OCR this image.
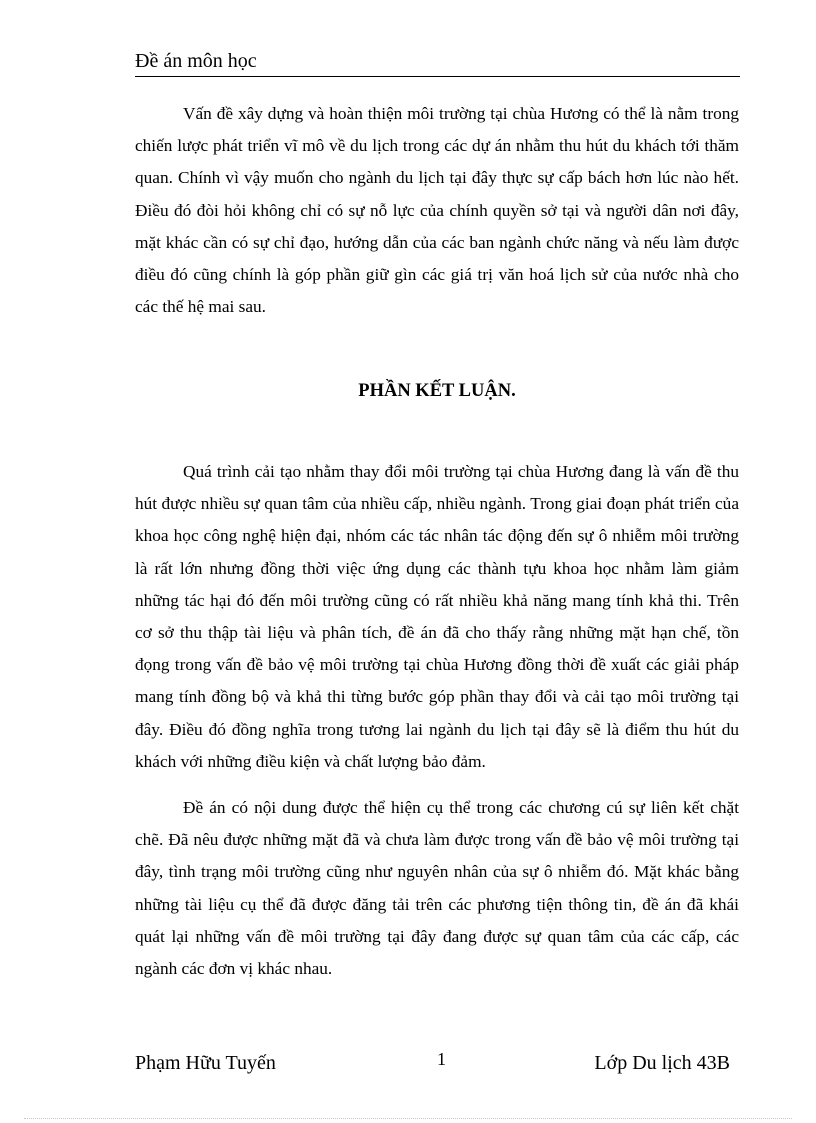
Đề án môn học

Vấn đề xây dựng và hoàn thiện môi trường tại chùa Hương có thể là nằm trong chiến lược phát triển vĩ mô về du lịch trong các dự án nhằm thu hút du khách tới thăm quan. Chính vì vậy muốn cho ngành du lịch tại đây thực sự cấp bách hơn lúc nào hết. Điều đó đòi hỏi không chỉ có sự nỗ lực của chính quyền sở tại và người dân nơi đây, mặt khác cần có sự chỉ đạo, hướng dẫn của các ban ngành chức năng và nếu làm được điều đó cũng chính là góp phần giữ gìn các giá trị văn hoá lịch sử của nước nhà cho các thế hệ mai sau.

PHẦN KẾT LUẬN.

Quá trình cải tạo nhằm thay đổi môi trường tại chùa Hương đang là vấn đề thu hút được nhiều sự quan tâm của nhiều cấp, nhiều ngành. Trong giai đoạn phát triển của khoa học công nghệ hiện đại, nhóm các tác nhân tác động đến sự ô nhiễm môi trường là rất lớn nhưng đồng thời việc ứng dụng các thành tựu khoa học nhằm làm giảm những tác hại đó đến môi trường cũng có rất nhiều khả năng mang tính khả thi. Trên cơ sở thu thập tài liệu và phân tích, đề án đã cho thấy rằng những mặt hạn chế, tồn đọng trong vấn đề bảo vệ môi trường tại chùa Hương đồng thời đề xuất các giải pháp mang tính đồng bộ và khả thi từng bước góp phần thay đổi và cải tạo môi trường tại đây. Điều đó đồng nghĩa trong tương lai ngành du lịch tại đây sẽ là điểm thu hút du khách với những điều kiện và chất lượng bảo đảm.

Đề án có nội dung được thể hiện cụ thể trong các chương cú sự liên kết chặt chẽ. Đã nêu được những mặt đã và chưa làm được trong vấn đề bảo vệ môi trường tại đây, tình trạng môi trường cũng như nguyên nhân của sự ô nhiễm đó. Mặt khác bằng những tài liệu cụ thể đã được đăng tải trên các phương tiện thông tin, đề án đã khái quát lại những vấn đề môi trường tại đây đang được sự quan tâm của các cấp, các ngành các đơn vị khác nhau.

Phạm Hữu Tuyến	1	Lớp Du lịch 43B
